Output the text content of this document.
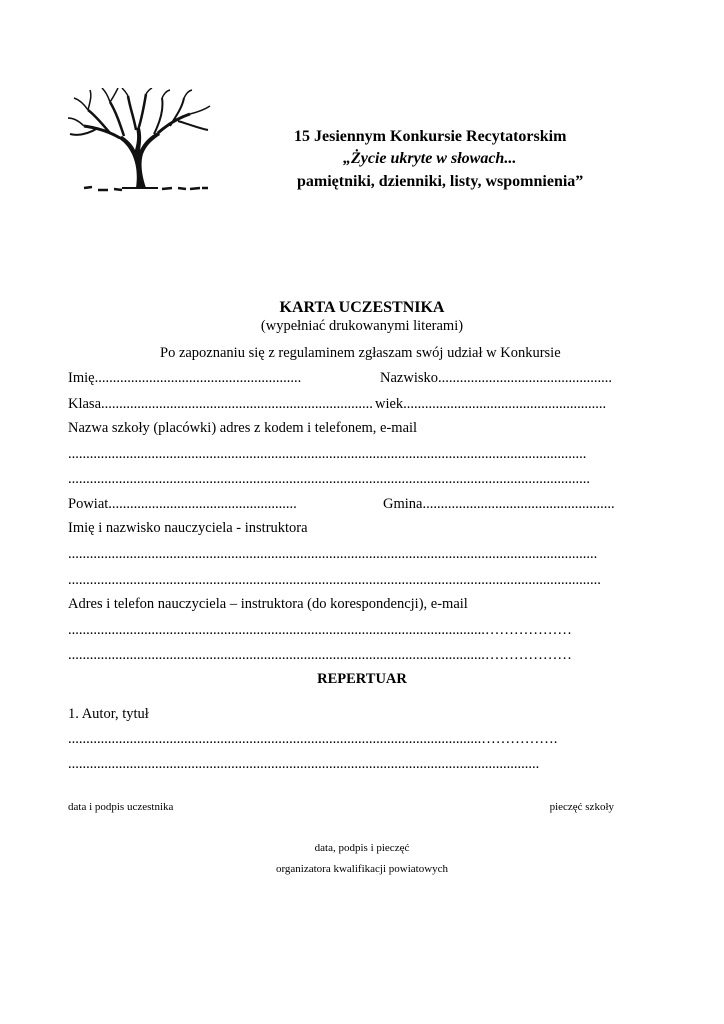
15 Jesiennym Konkursie Recytatorskim
„Życie ukryte w słowach...
pamiętniki, dzienniki, listy, wspomnienia”
KARTA UCZESTNIKA
(wypełniać drukowanymi literami)
Po zapoznaniu się z regulaminem zgłaszam swój udział w Konkursie
Imię.........................................................	Nazwisko................................................
Klasa........................................................................... wiek........................................................
Nazwa szkoły (placówki) adres z kodem i telefonem, e-mail
...............................................................................................................................................
................................................................................................................................................
Powiat....................................................	Gmina.....................................................
Imię i nazwisko nauczyciela - instruktora
..................................................................................................................................................
...................................................................................................................................................
Adres i telefon nauczyciela – instruktora (do korespondencji), e-mail
...................................................................................................................………………
...................................................................................................................………………
REPERTUAR
1. Autor, tytuł
..................................................................................................................…………….
..................................................................................................................................
data i podpis uczestnika	pieczęć szkoły
data, podpis i pieczęć
organizatora kwalifikacji powiatowych
